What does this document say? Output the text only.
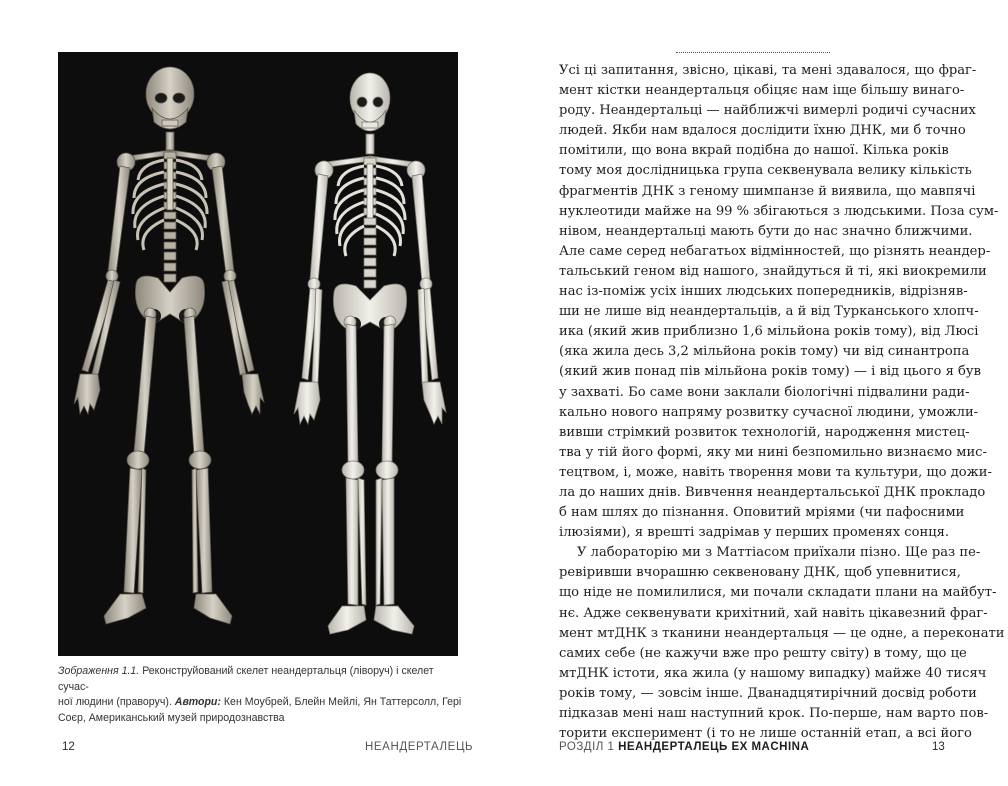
Зображення 1.1. Реконструйований скелет неандертальця (ліворуч) і скелет сучас-
ної людини (праворуч). Автори: Кен Моубрей, Блейн Мейлі, Ян Таттерсолл, Гері
Соєр, Американський музей природознавства
12	НЕАНДЕРТАЛЕЦЬ
Усі ці запитання, звісно, цікаві, та мені здавалося, що фраг-
мент кістки неандертальця обіцяє нам іще більшу винаго-
роду. Неандертальці — найближчі вимерлі родичі сучасних
людей. Якби нам вдалося дослідити їхню ДНК, ми б точно
помітили, що вона вкрай подібна до нашої. Кілька років
тому моя дослідницька група секвенувала велику кількість
фрагментів ДНК з геному шимпанзе й виявила, що мавпячі
нуклеотиди майже на 99 % збігаються з людськими. Поза сум-
нівом, неандертальці мають бути до нас значно ближчими.
Але саме серед небагатьох відмінностей, що різнять неандер-
тальський геном від нашого, знайдуться й ті, які виокремили
нас із-поміж усіх інших людських попередників, відрізняв-
ши не лише від неандертальців, а й від Турканського хлопч-
ика (який жив приблизно 1,6 мільйона років тому), від Люсі
(яка жила десь 3,2 мільйона років тому) чи від синантропа
(який жив понад пів мільйона років тому) — і від цього я був
у захваті. Бо саме вони заклали біологічні підвалини ради-
кально нового напряму розвитку сучасної людини, уможли-
вивши стрімкий розвиток технологій, народження мистец-
тва у тій його формі, яку ми нині безпомильно визнаємо мис-
тецтвом, і, може, навіть творення мови та культури, що дожи-
ла до наших днів. Вивчення неандертальської ДНК прокладо
б нам шлях до пізнання. Оповитий мріями (чи пафосними
ілюзіями), я врешті задрімав у перших променях сонця.
У лабораторію ми з Маттіасом приїхали пізно. Ще раз пе-
ревіривши вчорашню секвеновану ДНК, щоб упевнитися,
що ніде не помилилися, ми почали складати плани на майбут-
нє. Адже секвенувати крихітний, хай навіть цікавезний фраг-
мент мтДНК з тканини неандертальця — це одне, а переконати
самих себе (не кажучи вже про решту світу) в тому, що це
мтДНК істоти, яка жила (у нашому випадку) майже 40 тисяч
років тому, — зовсім інше. Дванадцятирічний досвід роботи
підказав мені наш наступний крок. По-перше, нам варто пов-
торити експеримент (і то не лише останній етап, а всі його
РОЗДІЛ 1 НЕАНДЕРТАЛЕЦЬ EX MACHINA	13
